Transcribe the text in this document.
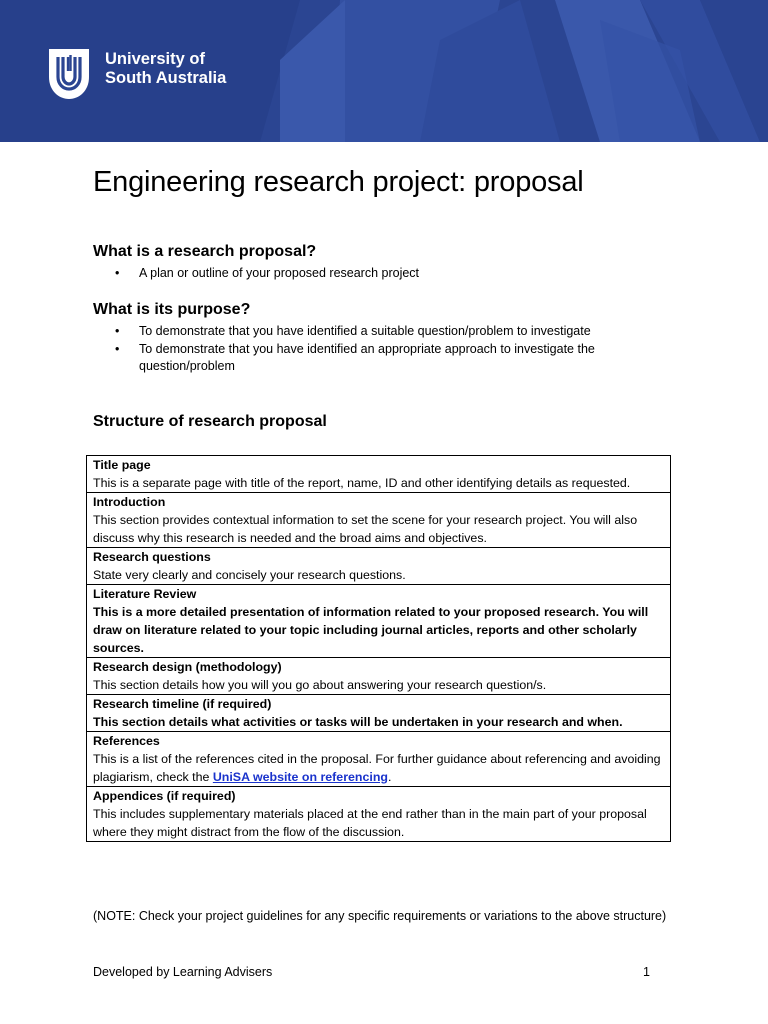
University of
South Australia
Engineering research project: proposal
What is a research proposal?
• A plan or outline of your proposed research project
What is its purpose?
• To demonstrate that you have identified a suitable question/problem to investigate
• To demonstrate that you have identified an appropriate approach to investigate the question/problem
Structure of research proposal
Title page
This is a separate page with title of the report, name, ID and other identifying details as requested.

Introduction
This section provides contextual information to set the scene for your research project. You will also discuss why this research is needed and the broad aims and objectives.

Research questions
State very clearly and concisely your research questions.

Literature Review
This is a more detailed presentation of information related to your proposed research. You will draw on literature related to your topic including journal articles, reports and other scholarly sources.

Research design (methodology)
This section details how you will you go about answering your research question/s.

Research timeline (if required)
This section details what activities or tasks will be undertaken in your research and when.

References
This is a list of the references cited in the proposal. For further guidance about referencing and avoiding plagiarism, check the UniSA website on referencing.

Appendices (if required)
This includes supplementary materials placed at the end rather than in the main part of your proposal where they might distract from the flow of the discussion.
(NOTE: Check your project guidelines for any specific requirements or variations to the above structure)
Developed by Learning Advisers	1
